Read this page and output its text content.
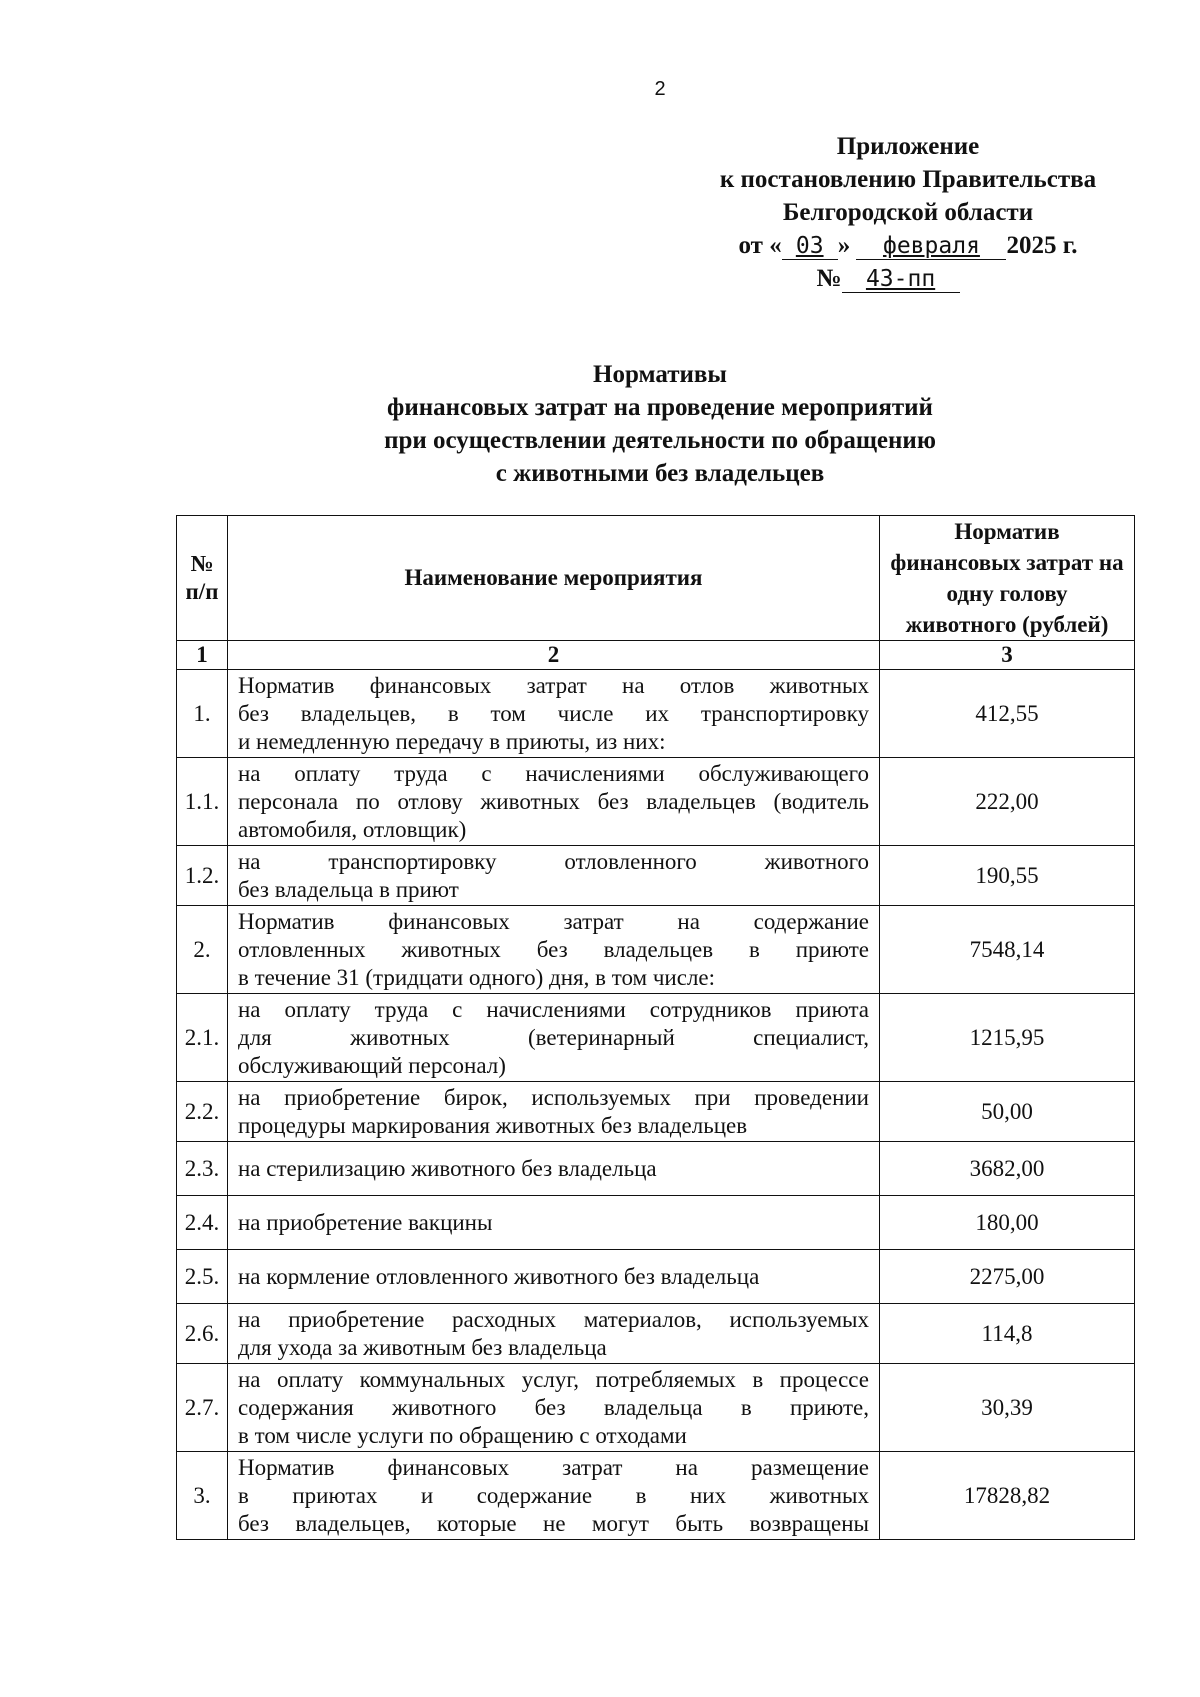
2
Приложение
к постановлению Правительства
Белгородской области
от « 03 » февраля 2025 г.
№ 43-пп
Нормативы
финансовых затрат на проведение мероприятий
при осуществлении деятельности по обращению
с животными без владельцев
№ п/п	Наименование мероприятия	Норматив финансовых затрат на одну голову животного (рублей)
1	2	3
1.	Норматив финансовых затрат на отлов животных
без владельцев, в том числе их транспортировку
и немедленную передачу в приюты, из них:	412,55
1.1.	на оплату труда с начислениями обслуживающего
персонала по отлову животных без владельцев (водитель
автомобиля, отловщик)	222,00
1.2.	на транспортировку отловленного животного
без владельца в приют	190,55
2.	Норматив финансовых затрат на содержание
отловленных животных без владельцев в приюте
в течение 31 (тридцати одного) дня, в том числе:	7548,14
2.1.	на оплату труда с начислениями сотрудников приюта
для животных (ветеринарный специалист,
обслуживающий персонал)	1215,95
2.2.	на приобретение бирок, используемых при проведении
процедуры маркирования животных без владельцев	50,00
2.3.	на стерилизацию животного без владельца	3682,00
2.4.	на приобретение вакцины	180,00
2.5.	на кормление отловленного животного без владельца	2275,00
2.6.	на приобретение расходных материалов, используемых
для ухода за животным без владельца	114,8
2.7.	на оплату коммунальных услуг, потребляемых в процессе
содержания животного без владельца в приюте,
в том числе услуги по обращению с отходами	30,39
3.	Норматив финансовых затрат на размещение
в приютах и содержание в них животных
без владельцев, которые не могут быть возвращены	17828,82
